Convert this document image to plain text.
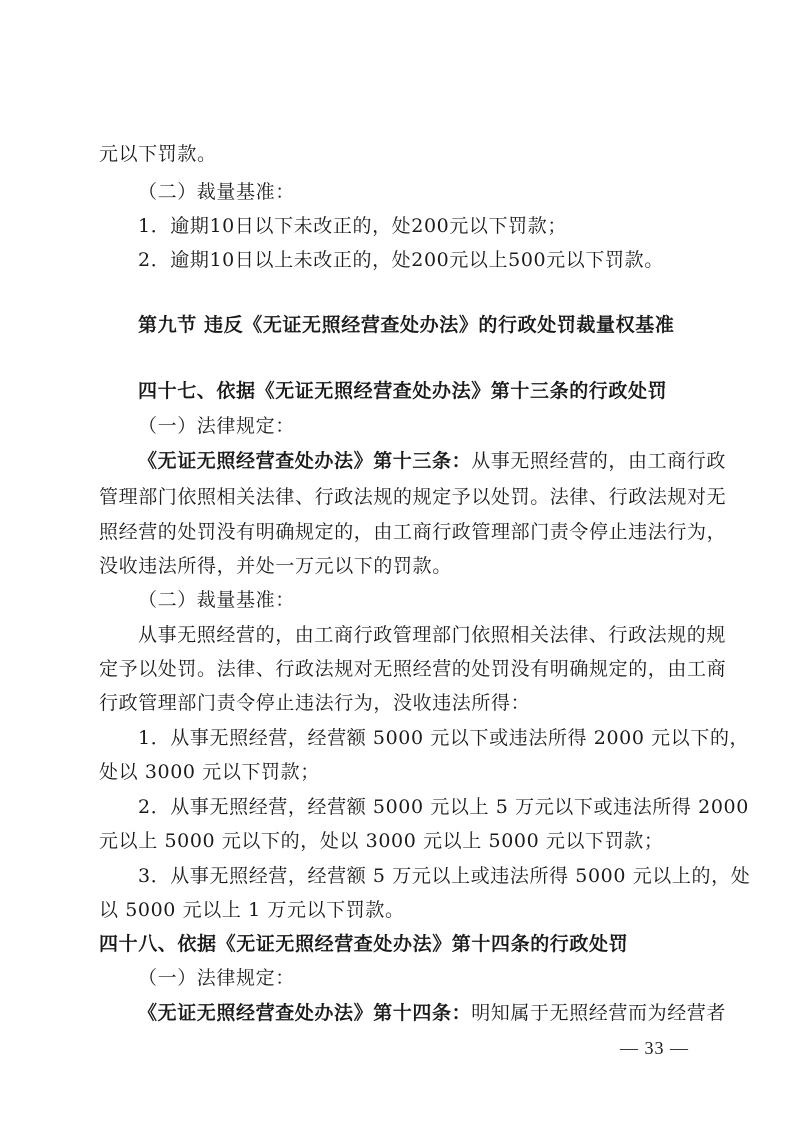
元以下罚款。
（二）裁量基准：
1．逾期10日以下未改正的，处200元以下罚款；
2．逾期10日以上未改正的，处200元以上500元以下罚款。
第九节 违反《无证无照经营查处办法》的行政处罚裁量权基准
四十七、依据《无证无照经营查处办法》第十三条的行政处罚
（一）法律规定：
《无证无照经营查处办法》第十三条：从事无照经营的，由工商行政
管理部门依照相关法律、行政法规的规定予以处罚。法律、行政法规对无
照经营的处罚没有明确规定的，由工商行政管理部门责令停止违法行为，
没收违法所得，并处一万元以下的罚款。
（二）裁量基准：
从事无照经营的，由工商行政管理部门依照相关法律、行政法规的规
定予以处罚。法律、行政法规对无照经营的处罚没有明确规定的，由工商
行政管理部门责令停止违法行为，没收违法所得：
1．从事无照经营，经营额 5000 元以下或违法所得 2000 元以下的，
处以 3000 元以下罚款；
2．从事无照经营，经营额 5000 元以上 5 万元以下或违法所得 2000
元以上 5000 元以下的，处以 3000 元以上 5000 元以下罚款；
3．从事无照经营，经营额 5 万元以上或违法所得 5000 元以上的，处
以 5000 元以上 1 万元以下罚款。
四十八、依据《无证无照经营查处办法》第十四条的行政处罚
（一）法律规定：
《无证无照经营查处办法》第十四条：明知属于无照经营而为经营者
— 33 —
